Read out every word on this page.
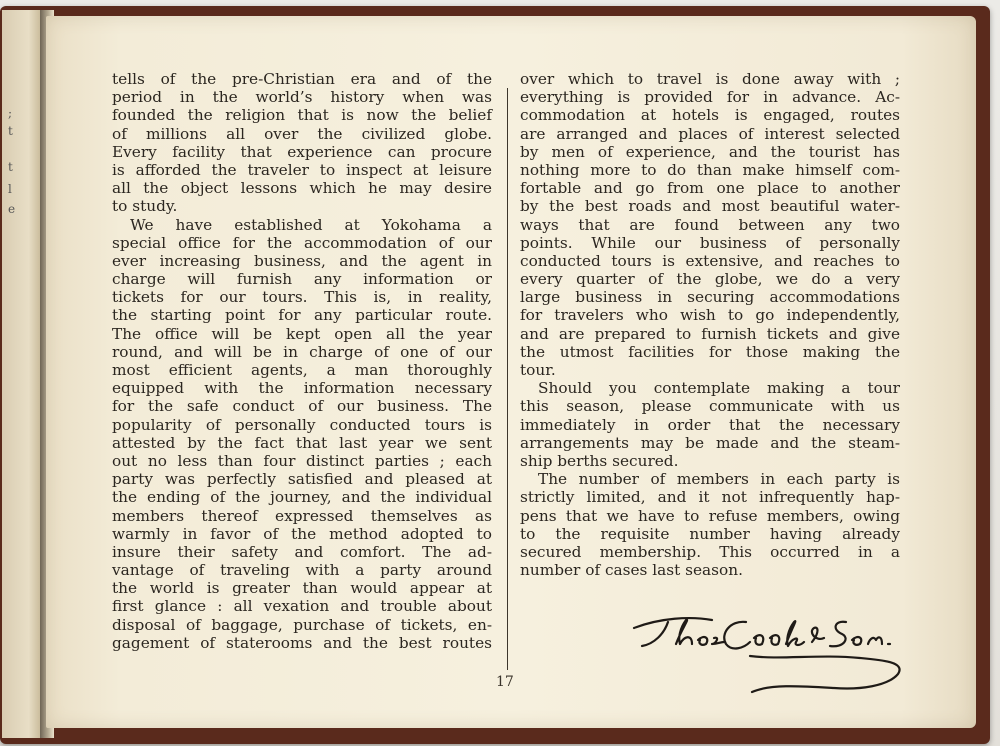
;
t
t
l
e
tells of the pre-Christian era and of the
period in the world’s history when was
founded the religion that is now the belief
of millions all over the civilized globe.
Every facility that experience can procure
is afforded the traveler to inspect at leisure
all the object lessons which he may desire
to study.
We have established at Yokohama a
special office for the accommodation of our
ever increasing business, and the agent in
charge will furnish any information or
tickets for our tours. This is, in reality,
the starting point for any particular route.
The office will be kept open all the year
round, and will be in charge of one of our
most efficient agents, a man thoroughly
equipped with the information necessary
for the safe conduct of our business. The
popularity of personally conducted tours is
attested by the fact that last year we sent
out no less than four distinct parties ; each
party was perfectly satisfied and pleased at
the ending of the journey, and the individual
members thereof expressed themselves as
warmly in favor of the method adopted to
insure their safety and comfort. The ad-
vantage of traveling with a party around
the world is greater than would appear at
first glance : all vexation and trouble about
disposal of baggage, purchase of tickets, en-
gagement of staterooms and the best routes
over which to travel is done away with ;
everything is provided for in advance. Ac-
commodation at hotels is engaged, routes
are arranged and places of interest selected
by men of experience, and the tourist has
nothing more to do than make himself com-
fortable and go from one place to another
by the best roads and most beautiful water-
ways that are found between any two
points. While our business of personally
conducted tours is extensive, and reaches to
every quarter of the globe, we do a very
large business in securing accommodations
for travelers who wish to go independently,
and are prepared to furnish tickets and give
the utmost facilities for those making the
tour.
Should you contemplate making a tour
this season, please communicate with us
immediately in order that the necessary
arrangements may be made and the steam-
ship berths secured.
The number of members in each party is
strictly limited, and it not infrequently hap-
pens that we have to refuse members, owing
to the requisite number having already
secured membership. This occurred in a
number of cases last season.
17
